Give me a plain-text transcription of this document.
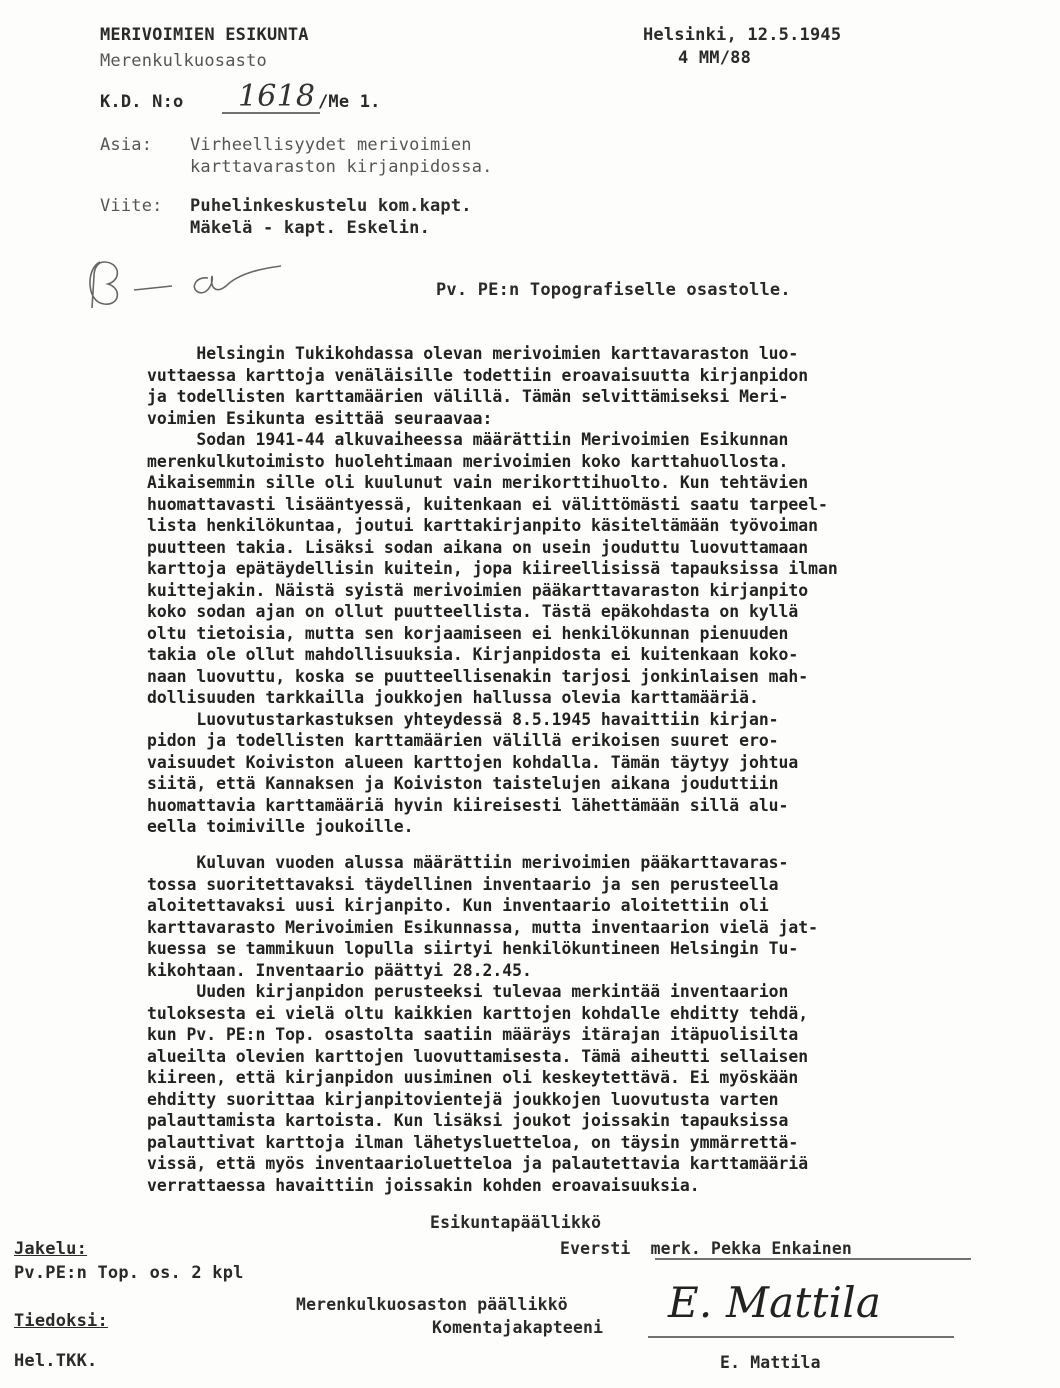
MERIVOIMIEN ESIKUNTA
Merenkulkuosasto
Helsinki, 12.5.1945
4 MM/88
K.D. N:o 1618 /Me 1.
Asia: Virheellisyydet merivoimien
karttavaraston kirjanpidossa.
Viite: Puhelinkeskustelu kom.kapt.
Mäkelä - kapt. Eskelin.
Pv. PE:n Topografiselle osastolle.
Helsingin Tukikohdassa olevan merivoimien karttavaraston luo-
vuttaessa karttoja venäläisille todettiin eroavaisuutta kirjanpidon
ja todellisten karttamäärien välillä. Tämän selvittämiseksi Meri-
voimien Esikunta esittää seuraavaa:
Sodan 1941-44 alkuvaiheessa määrättiin Merivoimien Esikunnan
merenkulkutoimisto huolehtimaan merivoimien koko karttahuollosta.
Aikaisemmin sille oli kuulunut vain merikorttihuolto. Kun tehtävien
huomattavasti lisääntyessä, kuitenkaan ei välittömästi saatu tarpeel-
lista henkilökuntaa, joutui karttakirjanpito käsiteltämään työvoiman
puutteen takia. Lisäksi sodan aikana on usein jouduttu luovuttamaan
karttoja epätäydellisin kuitein, jopa kiireellisissä tapauksissa ilman
kuittejakin. Näistä syistä merivoimien pääkarttavaraston kirjanpito
koko sodan ajan on ollut puutteellista. Tästä epäkohdasta on kyllä
oltu tietoisia, mutta sen korjaamiseen ei henkilökunnan pienuuden
takia ole ollut mahdollisuuksia. Kirjanpidosta ei kuitenkaan koko-
naan luovuttu, koska se puutteellisenakin tarjosi jonkinlaisen mah-
dollisuuden tarkkailla joukkojen hallussa olevia karttamääriä.
Luovutustarkastuksen yhteydessä 8.5.1945 havaittiin kirjan-
pidon ja todellisten karttamäärien välillä erikoisen suuret ero-
vaisuudet Koiviston alueen karttojen kohdalla. Tämän täytyy johtua
siitä, että Kannaksen ja Koiviston taistelujen aikana jouduttiin
huomattavia karttamääriä hyvin kiireisesti lähettämään sillä alu-
eella toimiville joukoille.
Kuluvan vuoden alussa määrättiin merivoimien pääkarttavaras-
tossa suoritettavaksi täydellinen inventaario ja sen perusteella
aloitettavaksi uusi kirjanpito. Kun inventaario aloitettiin oli
karttavarasto Merivoimien Esikunnassa, mutta inventaarion vielä jat-
kuessa se tammikuun lopulla siirtyi henkilökuntineen Helsingin Tu-
kikohtaan. Inventaario päättyi 28.2.45.
Uuden kirjanpidon perusteeksi tulevaa merkintää inventaarion
tuloksesta ei vielä oltu kaikkien karttojen kohdalle ehditty tehdä,
kun Pv. PE:n Top. osastolta saatiin määräys itärajan itäpuolisilta
alueilta olevien karttojen luovuttamisesta. Tämä aiheutti sellaisen
kiireen, että kirjanpidon uusiminen oli keskeytettävä. Ei myöskään
ehditty suorittaa kirjanpitovientejä joukkojen luovutusta varten
palauttamista kartoista. Kun lisäksi joukot joissakin tapauksissa
palauttivat karttoja ilman lähetysluetteloa, on täysin ymmärrettä-
vissä, että myös inventaarioluetteloa ja palautettavia karttamääriä
verrattaessa havaittiin joissakin kohden eroavaisuuksia.
Esikuntapäällikkö
Eversti  merk. Pekka Enkainen
Merenkulkuosaston päällikkö
Komentajakapteeni
E. Mattila
E. Mattila
Jakelu:
Pv.PE:n Top. os. 2 kpl
Tiedoksi:
Hel.TKK.
